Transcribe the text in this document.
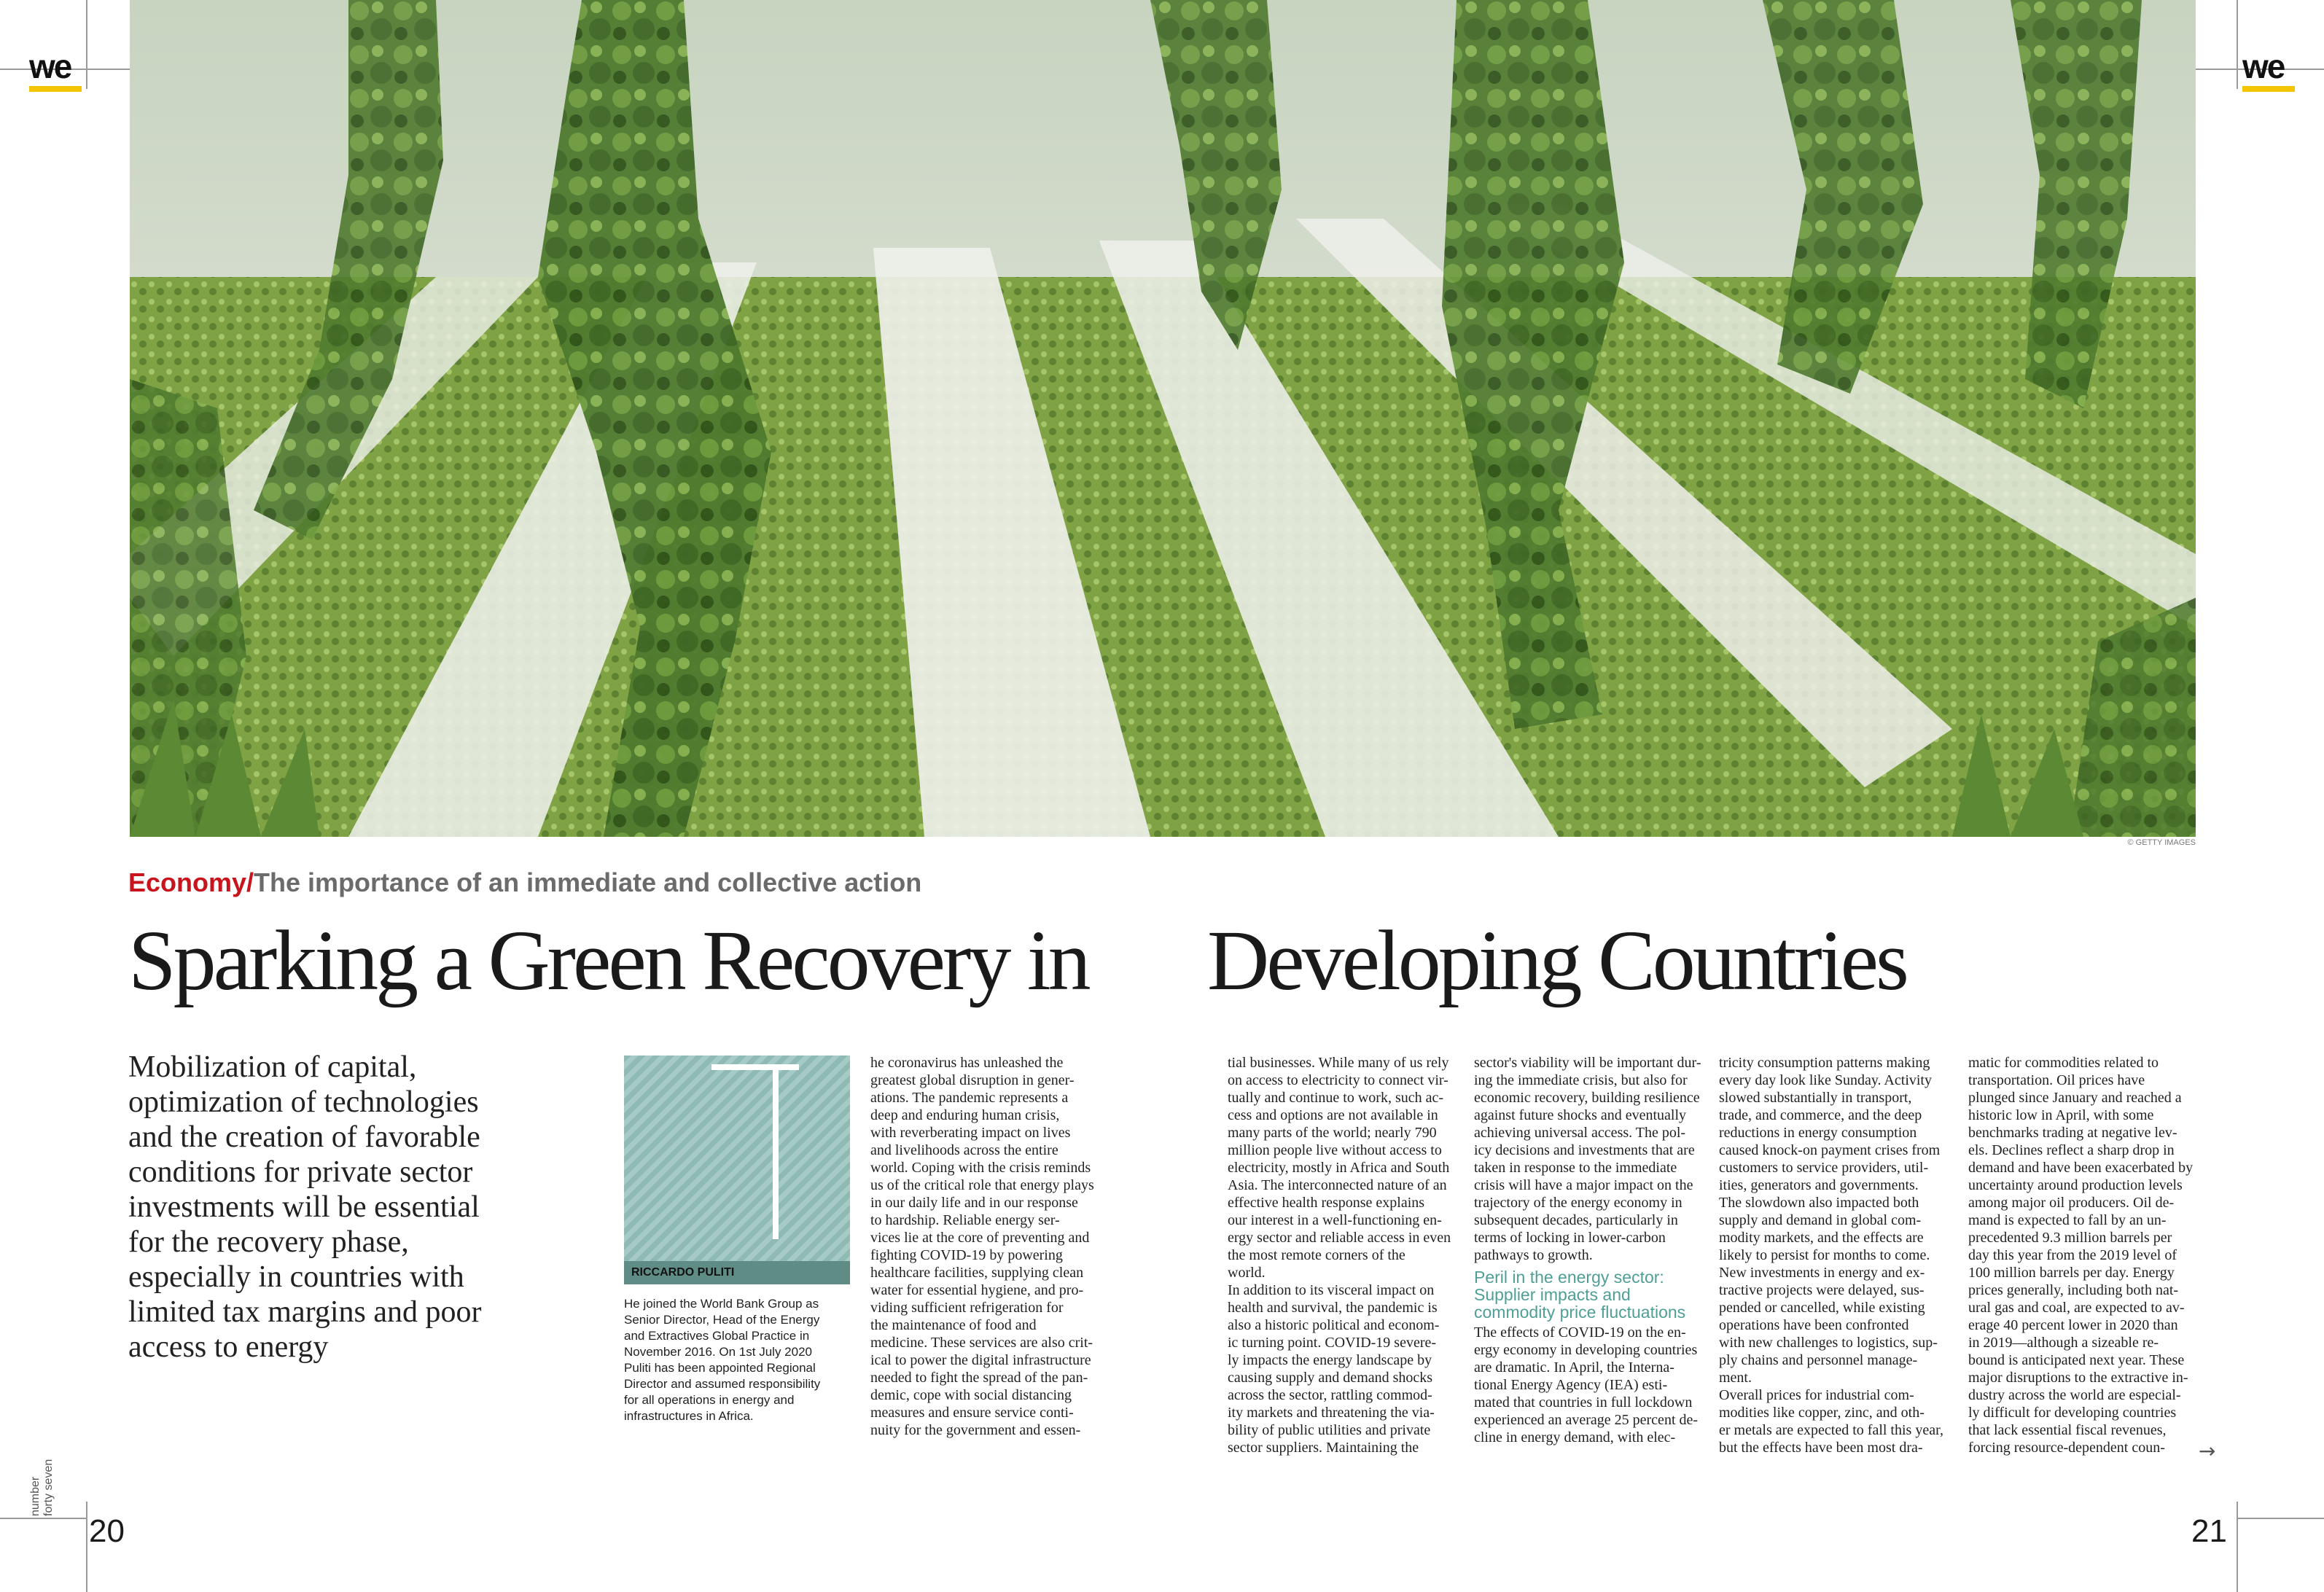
we	we
© GETTY IMAGES
Economy/The importance of an immediate and collective action
Sparking a Green Recovery in Developing Countries
Mobilization of capital,
optimization of technologies
and the creation of favorable
conditions for private sector
investments will be essential
for the recovery phase,
especially in countries with
limited tax margins and poor
access to energy
RICCARDO PULITI
He joined the World Bank Group as
Senior Director, Head of the Energy
and Extractives Global Practice in
November 2016. On 1st July 2020
Puliti has been appointed Regional
Director and assumed responsibility
for all operations in energy and
infrastructures in Africa.
he coronavirus has unleashed the
greatest global disruption in gener-
ations. The pandemic represents a
deep and enduring human crisis,
with reverberating impact on lives
and livelihoods across the entire
world. Coping with the crisis reminds
us of the critical role that energy plays
in our daily life and in our response
to hardship. Reliable energy ser-
vices lie at the core of preventing and
fighting COVID-19 by powering
healthcare facilities, supplying clean
water for essential hygiene, and pro-
viding sufficient refrigeration for
the maintenance of food and
medicine. These services are also crit-
ical to power the digital infrastructure
needed to fight the spread of the pan-
demic, cope with social distancing
measures and ensure service conti-
nuity for the government and essen-
tial businesses. While many of us rely
on access to electricity to connect vir-
tually and continue to work, such ac-
cess and options are not available in
many parts of the world; nearly 790
million people live without access to
electricity, mostly in Africa and South
Asia. The interconnected nature of an
effective health response explains
our interest in a well-functioning en-
ergy sector and reliable access in even
the most remote corners of the
world.
In addition to its visceral impact on
health and survival, the pandemic is
also a historic political and econom-
ic turning point. COVID-19 severe-
ly impacts the energy landscape by
causing supply and demand shocks
across the sector, rattling commod-
ity markets and threatening the via-
bility of public utilities and private
sector suppliers. Maintaining the
sector's viability will be important dur-
ing the immediate crisis, but also for
economic recovery, building resilience
against future shocks and eventually
achieving universal access. The pol-
icy decisions and investments that are
taken in response to the immediate
crisis will have a major impact on the
trajectory of the energy economy in
subsequent decades, particularly in
terms of locking in lower-carbon
pathways to growth.
Peril in the energy sector:
Supplier impacts and
commodity price fluctuations
The effects of COVID-19 on the en-
ergy economy in developing countries
are dramatic. In April, the Interna-
tional Energy Agency (IEA) esti-
mated that countries in full lockdown
experienced an average 25 percent de-
cline in energy demand, with elec-
tricity consumption patterns making
every day look like Sunday. Activity
slowed substantially in transport,
trade, and commerce, and the deep
reductions in energy consumption
caused knock-on payment crises from
customers to service providers, util-
ities, generators and governments.
The slowdown also impacted both
supply and demand in global com-
modity markets, and the effects are
likely to persist for months to come.
New investments in energy and ex-
tractive projects were delayed, sus-
pended or cancelled, while existing
operations have been confronted
with new challenges to logistics, sup-
ply chains and personnel manage-
ment.
Overall prices for industrial com-
modities like copper, zinc, and oth-
er metals are expected to fall this year,
but the effects have been most dra-
matic for commodities related to
transportation. Oil prices have
plunged since January and reached a
historic low in April, with some
benchmarks trading at negative lev-
els. Declines reflect a sharp drop in
demand and have been exacerbated by
uncertainty around production levels
among major oil producers. Oil de-
mand is expected to fall by an un-
precedented 9.3 million barrels per
day this year from the 2019 level of
100 million barrels per day. Energy
prices generally, including both nat-
ural gas and coal, are expected to av-
erage 40 percent lower in 2020 than
in 2019—although a sizeable re-
bound is anticipated next year. These
major disruptions to the extractive in-
dustry across the world are especial-
ly difficult for developing countries
that lack essential fiscal revenues,
forcing resource-dependent coun-	→
20	21
number forty seven
